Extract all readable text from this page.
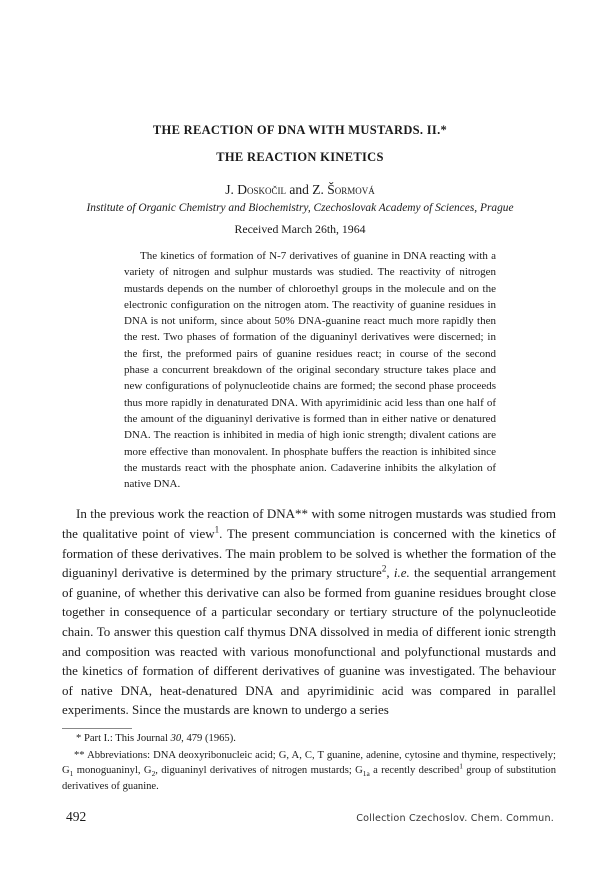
THE REACTION OF DNA WITH MUSTARDS. II.*

THE REACTION KINETICS

J. Doskočil and Z. Šormová
Institute of Organic Chemistry and Biochemistry, Czechoslovak Academy of Sciences, Prague
Received March 26th, 1964

The kinetics of formation of N-7 derivatives of guanine in DNA reacting with a variety of nitrogen and sulphur mustards was studied. The reactivity of nitrogen mustards depends on the number of chloroethyl groups in the molecule and on the electronic configuration on the nitrogen atom. The reactivity of guanine residues in DNA is not uniform, since about 50% DNA-guanine react much more rapidly then the rest. Two phases of formation of the diguaninyl derivatives were discerned; in the first, the preformed pairs of guanine residues react; in course of the second phase a concurrent breakdown of the original secondary structure takes place and new configurations of polynucleotide chains are formed; the second phase proceeds thus more rapidly in denaturated DNA. With apyrimidinic acid less than one half of the amount of the diguaninyl derivative is formed than in either native or denatured DNA. The reaction is inhibited in media of high ionic strength; divalent cations are more effective than monovalent. In phosphate buffers the reaction is inhibited since the mustards react with the phosphate anion. Cadaverine inhibits the alkylation of native DNA.

In the previous work the reaction of DNA** with some nitrogen mustards was studied from the qualitative point of view$^1$. The present communciation is concerned with the kinetics of formation of these derivatives. The main problem to be solved is whether the formation of the diguaninyl derivative is determined by the primary structure$^2$, i.e. the sequential arrangement of guanine, of whether this derivative can also be formed from guanine residues brought close together in consequence of a particular secondary or tertiary structure of the polynucleotide chain. To answer this question calf thymus DNA dissolved in media of different ionic strength and composition was reacted with various monofunctional and polyfunctional mustards and the kinetics of formation of different derivatives of guanine was investigated. The behaviour of native DNA, heat-denatured DNA and apyrimidinic acid was compared in parallel experiments. Since the mustards are known to undergo a series

* Part I.: This Journal 30, 479 (1965).

** Abbreviations: DNA deoxyribonucleic acid; G, A, C, T guanine, adenine, cytosine and thymine, respectively; $G_1$ monoguaninyl, $G_2$, diguaninyl derivatives of nitrogen mustards; $G_{1a}$ a recently described$^1$ group of substitution derivatives of guanine.

492	Collection Czechoslov. Chem. Commun.
